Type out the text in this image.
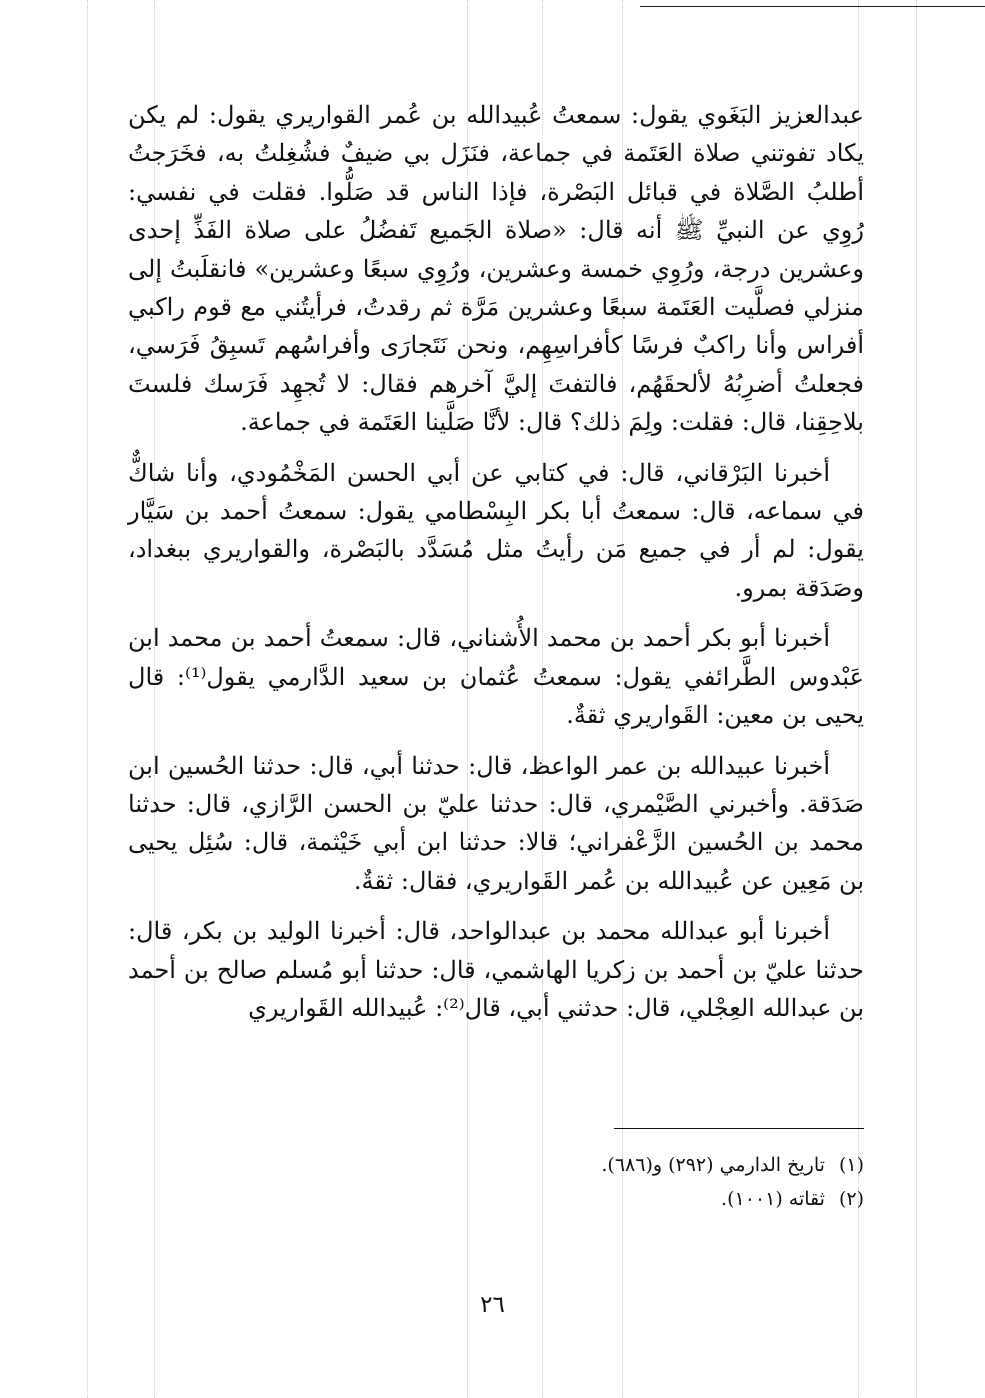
عبدالعزيز البَغَوي يقول: سمعتُ عُبيدالله بن عُمر القواريري يقول: لم يكن يكاد تفوتني صلاة العَتَمة في جماعة، فنَزَل بي ضيفٌ فشُغِلتُ به، فخَرَجتُ أطلبُ الصَّلاة في قبائل البَصْرة، فإذا الناس قد صَلُّوا. فقلت في نفسي: رُوِي عن النبيِّ ﷺ أنه قال: «صلاة الجَميع تَفضُلُ على صلاة الفَذِّ إحدى وعشرين درجة، ورُوِي خمسة وعشرين، ورُوِي سبعًا وعشرين» فانقلَبتُ إلى منزلي فصلَّيت العَتَمة سبعًا وعشرين مَرَّة ثم رقدتُ، فرأيتُني مع قوم راكبي أفراس وأنا راكبٌ فرسًا كأفراسِهِم، ونحن نَتَجارَى وأفراسُهم تَسبِقُ فَرَسي، فجعلتُ أضرِبُهُ لألحقَهُم، فالتفتَ إليَّ آخرهم فقال: لا تُجهِد فَرَسك فلستَ بلاحِقِنا، قال: فقلت: ولِمَ ذلك؟ قال: لأنَّا صَلَّينا العَتَمة في جماعة.

أخبرنا البَرْقاني، قال: في كتابي عن أبي الحسن المَخْمُودي، وأنا شاكٌّ في سماعه، قال: سمعتُ أبا بكر البِسْطامي يقول: سمعتُ أحمد بن سَيَّار يقول: لم أر في جميع مَن رأيتُ مثل مُسَدَّد بالبَصْرة، والقواريري ببغداد، وصَدَقة بمرو.

أخبرنا أبو بكر أحمد بن محمد الأُشناني، قال: سمعتُ أحمد بن محمد ابن عَبْدوس الطَّرائفي يقول: سمعتُ عُثمان بن سعيد الدَّارمي يقول⁽¹⁾: قال يحيى بن معين: القَواريري ثقةٌ.

أخبرنا عبيدالله بن عمر الواعظ، قال: حدثنا أبي، قال: حدثنا الحُسين ابن صَدَقة. وأخبرني الصَّيْمري، قال: حدثنا عليّ بن الحسن الرَّازي، قال: حدثنا محمد بن الحُسين الزَّعْفراني؛ قالا: حدثنا ابن أبي خَيْثمة، قال: سُئِل يحيى بن مَعِين عن عُبيدالله بن عُمر القَواريري، فقال: ثقةٌ.

أخبرنا أبو عبدالله محمد بن عبدالواحد، قال: أخبرنا الوليد بن بكر، قال: حدثنا عليّ بن أحمد بن زكريا الهاشمي، قال: حدثنا أبو مُسلم صالح بن أحمد بن عبدالله العِجْلي، قال: حدثني أبي، قال⁽²⁾: عُبيدالله القَواريري

(١)
تاريخ الدارمي (٢٩٢) و(٦٨٦).
(٢)
ثقاته (١٠٠١).
٢٦
